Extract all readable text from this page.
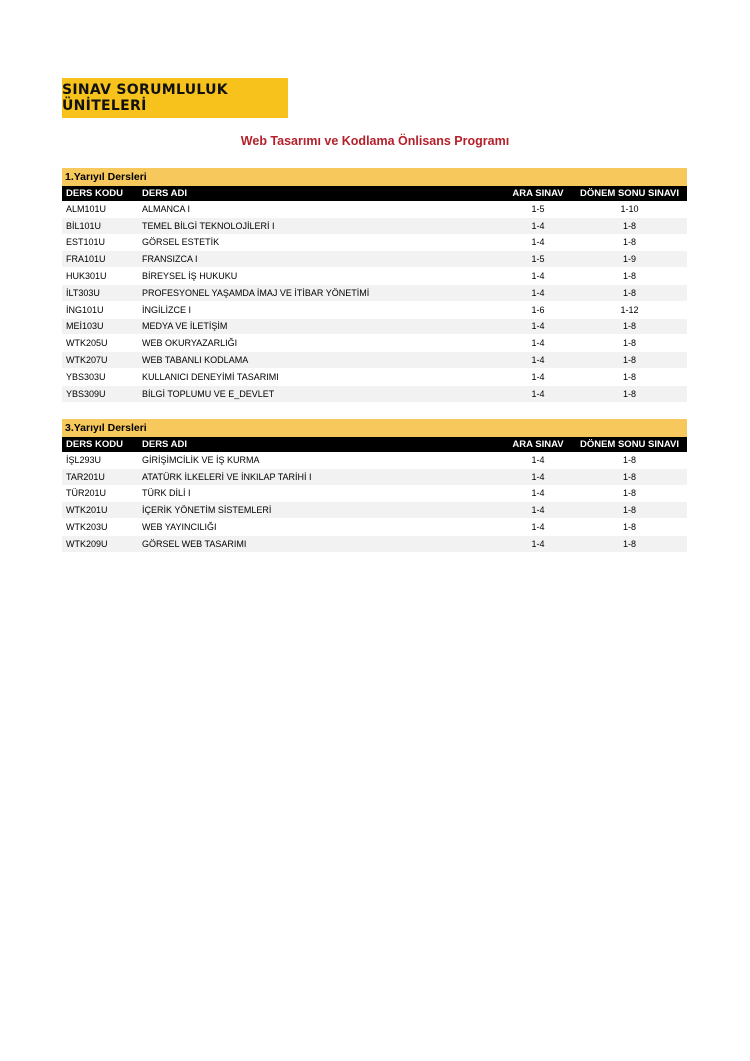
SINAV SORUMLULUK ÜNİTELERİ
Web Tasarımı ve Kodlama Önlisans Programı
1.Yarıyıl Dersleri
DERS KODU	DERS ADI	ARA SINAV	DÖNEM SONU SINAVI
ALM101U	ALMANCA I	1-5	1-10
BİL101U	TEMEL BİLGİ TEKNOLOJİLERİ I	1-4	1-8
EST101U	GÖRSEL ESTETİK	1-4	1-8
FRA101U	FRANSIZCA I	1-5	1-9
HUK301U	BİREYSEL İŞ HUKUKU	1-4	1-8
İLT303U	PROFESYONEL YAŞAMDA İMAJ VE İTİBAR YÖNETİMİ	1-4	1-8
İNG101U	İNGİLİZCE I	1-6	1-12
MEİ103U	MEDYA VE İLETİŞİM	1-4	1-8
WTK205U	WEB OKURYAZARLIĞI	1-4	1-8
WTK207U	WEB TABANLI KODLAMA	1-4	1-8
YBS303U	KULLANICI DENEYİMİ TASARIMI	1-4	1-8
YBS309U	BİLGİ TOPLUMU VE E_DEVLET	1-4	1-8
3.Yarıyıl Dersleri
DERS KODU	DERS ADI	ARA SINAV	DÖNEM SONU SINAVI
İŞL293U	GİRİŞİMCİLİK VE İŞ KURMA	1-4	1-8
TAR201U	ATATÜRK İLKELERİ VE İNKILAP TARİHİ I	1-4	1-8
TÜR201U	TÜRK DİLİ I	1-4	1-8
WTK201U	İÇERİK YÖNETİM SİSTEMLERİ	1-4	1-8
WTK203U	WEB YAYINCILIĞI	1-4	1-8
WTK209U	GÖRSEL WEB TASARIMI	1-4	1-8
